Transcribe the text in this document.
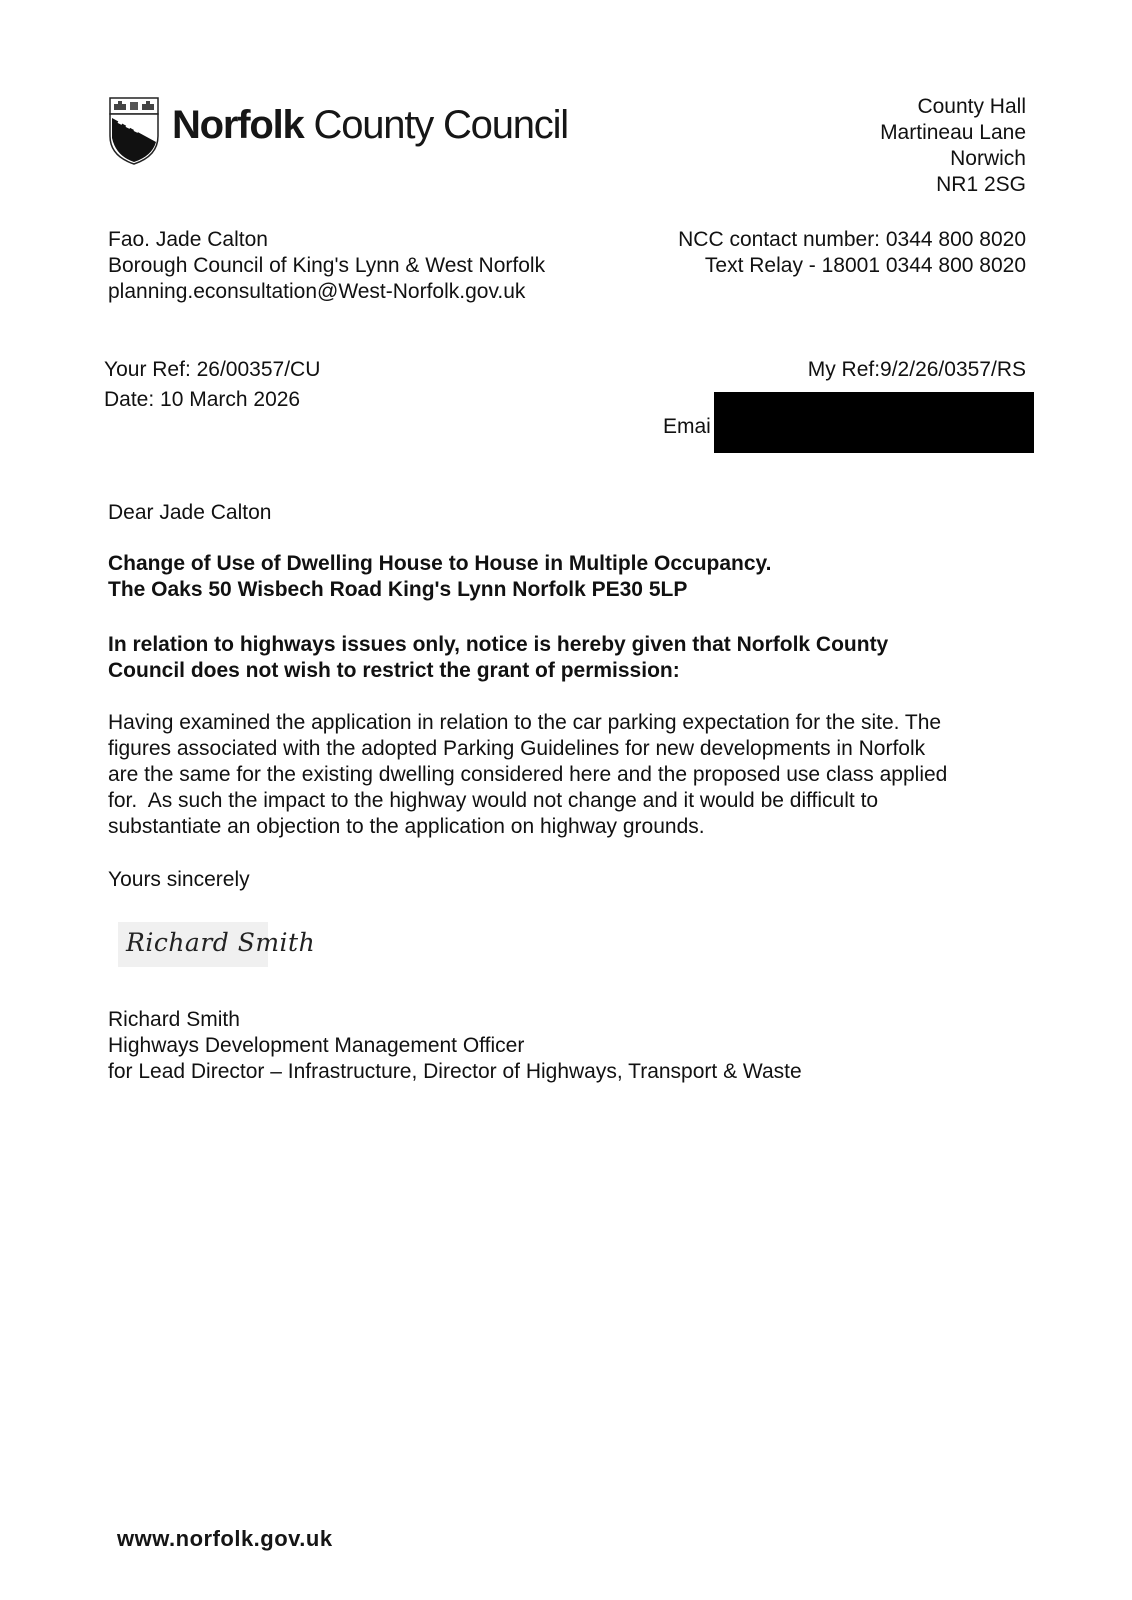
Norfolk County Council	County Hall
Martineau Lane
Norwich
NR1 2SG
Fao. Jade Calton
Borough Council of King's Lynn & West Norfolk
planning.econsultation@West-Norfolk.gov.uk
NCC contact number: 0344 800 8020
Text Relay - 18001 0344 800 8020
Your Ref: 26/00357/CU
Date: 10 March 2026
My Ref:9/2/26/0357/RS
Emai
Dear Jade Calton
Change of Use of Dwelling House to House in Multiple Occupancy.
The Oaks 50 Wisbech Road King's Lynn Norfolk PE30 5LP
In relation to highways issues only, notice is hereby given that Norfolk County
Council does not wish to restrict the grant of permission:
Having examined the application in relation to the car parking expectation for the site. The
figures associated with the adopted Parking Guidelines for new developments in Norfolk
are the same for the existing dwelling considered here and the proposed use class applied
for.  As such the impact to the highway would not change and it would be difficult to
substantiate an objection to the application on highway grounds.
Yours sincerely
Richard Smith
Richard Smith
Highways Development Management Officer
for Lead Director – Infrastructure, Director of Highways, Transport & Waste
www.norfolk.gov.uk
